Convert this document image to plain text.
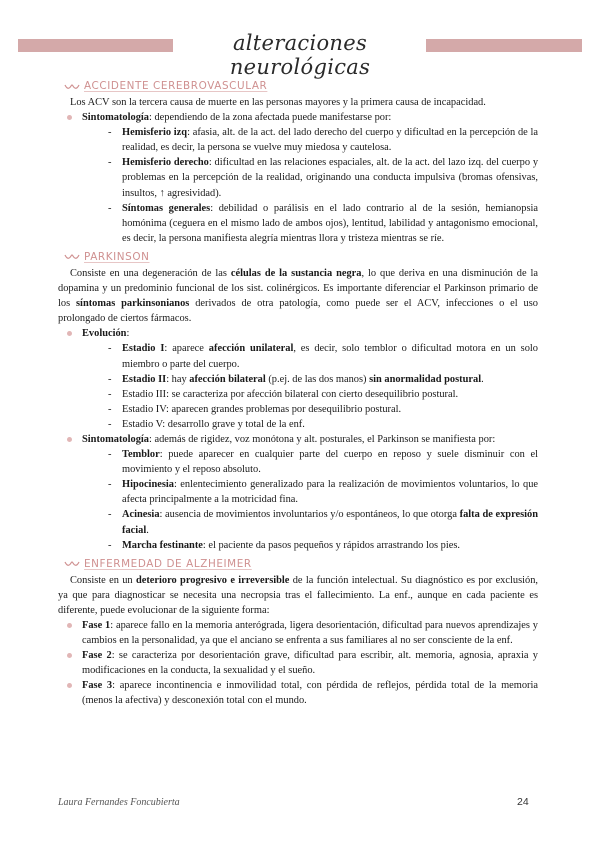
alteraciones neurológicas
ACCIDENTE CEREBROVASCULAR

Los ACV son la tercera causa de muerte en las personas mayores y la primera causa de incapacidad.

Sintomatología: dependiendo de la zona afectada puede manifestarse por:
- Hemisferio izq: afasia, alt. de la act. del lado derecho del cuerpo y dificultad en la percepción de la realidad, es decir, la persona se vuelve muy miedosa y cautelosa.
- Hemisferio derecho: dificultad en las relaciones espaciales, alt. de la act. del lazo izq. del cuerpo y problemas en la percepción de la realidad, originando una conducta impulsiva (bromas ofensivas, insultos, ↑ agresividad).
- Síntomas generales: debilidad o parálisis en el lado contrario al de la sesión, hemianopsia homónima (ceguera en el mismo lado de ambos ojos), lentitud, labilidad y antagonismo emocional, es decir, la persona manifiesta alegría mientras llora y tristeza mientras se ríe.
PARKINSON

Consiste en una degeneración de las células de la sustancia negra, lo que deriva en una disminución de la dopamina y un predominio funcional de los sist. colinérgicos. Es importante diferenciar el Parkinson primario de los síntomas parkinsonianos derivados de otra patología, como puede ser el ACV, infecciones o el uso prolongado de ciertos fármacos.

Evolución:
- Estadio I: aparece afección unilateral, es decir, solo temblor o dificultad motora en un solo miembro o parte del cuerpo.
- Estadio II: hay afección bilateral (p.ej. de las dos manos) sin anormalidad postural.
- Estadio III: se caracteriza por afección bilateral con cierto desequilibrio postural.
- Estadio IV: aparecen grandes problemas por desequilibrio postural.
- Estadio V: desarrollo grave y total de la enf.
Sintomatología: además de rigidez, voz monótona y alt. posturales, el Parkinson se manifiesta por:
- Temblor: puede aparecer en cualquier parte del cuerpo en reposo y suele disminuir con el movimiento y el reposo absoluto.
- Hipocinesia: enlentecimiento generalizado para la realización de movimientos voluntarios, lo que afecta principalmente a la motricidad fina.
- Acinesia: ausencia de movimientos involuntarios y/o espontáneos, lo que otorga falta de expresión facial.
- Marcha festinante: el paciente da pasos pequeños y rápidos arrastrando los pies.
ENFERMEDAD DE ALZHEIMER

Consiste en un deterioro progresivo e irreversible de la función intelectual. Su diagnóstico es por exclusión, ya que para diagnosticar se necesita una necropsia tras el fallecimiento. La enf., aunque en cada paciente es diferente, puede evolucionar de la siguiente forma:

Fase 1: aparece fallo en la memoria anterógrada, ligera desorientación, dificultad para nuevos aprendizajes y cambios en la personalidad, ya que el anciano se enfrenta a sus familiares al no ser consciente de la enf.
Fase 2: se caracteriza por desorientación grave, dificultad para escribir, alt. memoria, agnosia, apraxia y modificaciones en la conducta, la sexualidad y el sueño.
Fase 3: aparece incontinencia e inmovilidad total, con pérdida de reflejos, pérdida total de la memoria (menos la afectiva) y desconexión total con el mundo.
Laura Fernandes Foncubierta	24
